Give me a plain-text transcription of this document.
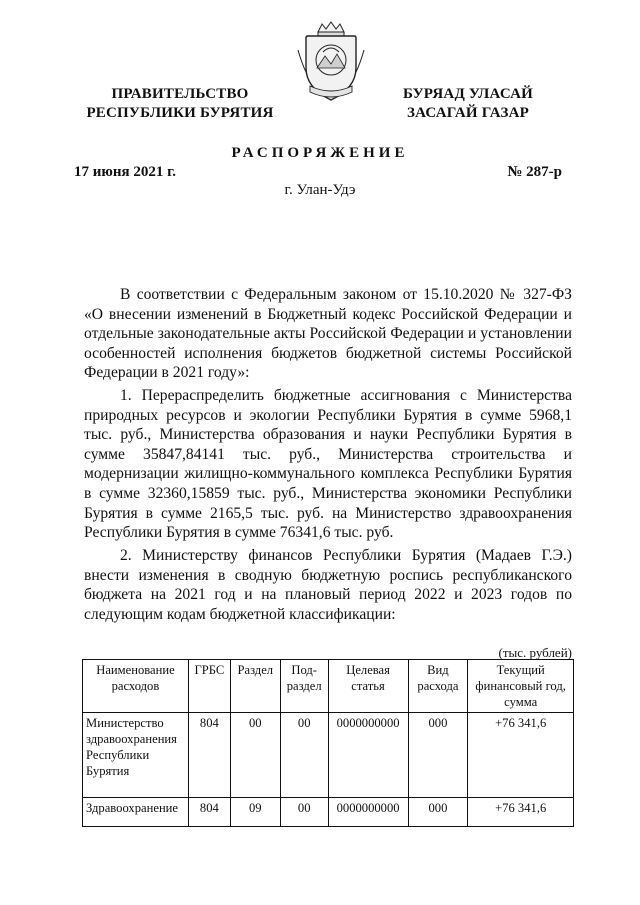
ПРАВИТЕЛЬСТВО
РЕСПУБЛИКИ БУРЯТИЯ
БУРЯАД УЛАСАЙ
ЗАСАГАЙ ГАЗАР
РАСПОРЯЖЕНИЕ
17 июня 2021 г.	№ 287-р
г. Улан-Удэ

В соответствии с Федеральным законом от 15.10.2020 № 327-ФЗ «О внесении изменений в Бюджетный кодекс Российской Федерации и отдельные законодательные акты Российской Федерации и установлении особенностей исполнения бюджетов бюджетной системы Российской Федерации в 2021 году»:

1. Перераспределить бюджетные ассигнования с Министерства природных ресурсов и экологии Республики Бурятия в сумме 5968,1 тыс. руб., Министерства образования и науки Республики Бурятия в сумме 35847,84141 тыс. руб., Министерства строительства и модернизации жилищно-коммунального комплекса Республики Бурятия в сумме 32360,15859 тыс. руб., Министерства экономики Республики Бурятия в сумме 2165,5 тыс. руб. на Министерство здравоохранения Республики Бурятия в сумме 76341,6 тыс. руб.

2. Министерству финансов Республики Бурятия (Мадаев Г.Э.) внести изменения в сводную бюджетную роспись республиканского бюджета на 2021 год и на плановый период 2022 и 2023 годов по следующим кодам бюджетной классификации:

(тыс. рублей)
Наименование расходов	ГРБС	Раздел	Под-раздел	Целевая статья	Вид расхода	Текущий финансовый год, сумма
Министерство здравоохранения Республики Бурятия	804	00	00	0000000000	000	+76 341,6
Здравоохранение	804	09	00	0000000000	000	+76 341,6
